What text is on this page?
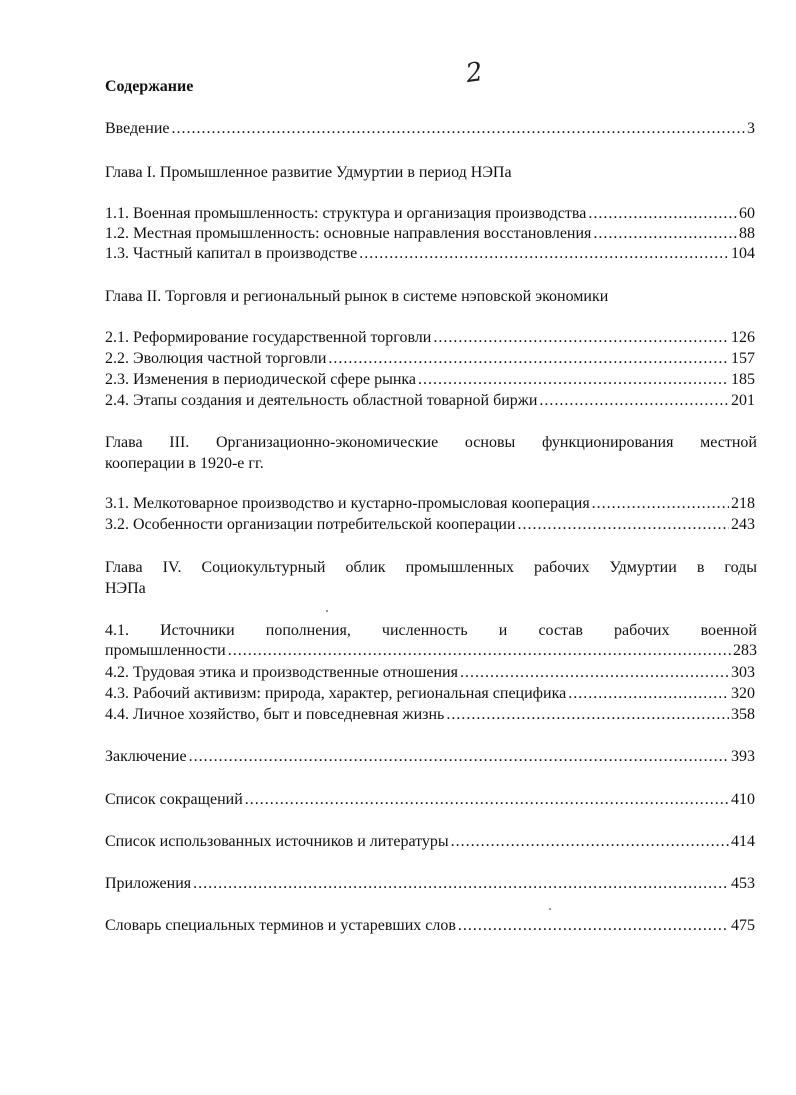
2
Содержание
Введение .....	3
Глава I. Промышленное развитие Удмуртии в период НЭПа
1.1. Военная промышленность: структура и организация производства .....	60
1.2. Местная промышленность: основные направления восстановления .....	88
1.3. Частный капитал в производстве .....	104
Глава II. Торговля и региональный рынок в системе нэповской экономики
2.1. Реформирование государственной торговли .....	126
2.2. Эволюция частной торговли .....	157
2.3. Изменения в периодической сфере рынка .....	185
2.4. Этапы создания и деятельность областной товарной биржи .....	201
Глава III. Организационно-экономические основы функционирования местной
кооперации в 1920-е гг.
3.1. Мелкотоварное производство и кустарно-промысловая кооперация .....	218
3.2. Особенности организации потребительской кооперации .....	243
Глава IV. Социокультурный облик промышленных рабочих Удмуртии в годы
НЭПа
4.1. Источники пополнения, численность и состав рабочих военной
промышленности .....	283
4.2. Трудовая этика и производственные отношения .....	303
4.3. Рабочий активизм: природа, характер, региональная специфика .....	320
4.4. Личное хозяйство, быт и повседневная жизнь .....	358
Заключение .....	393
Список сокращений .....	410
Список использованных источников и литературы .....	414
Приложения .....	453
Словарь специальных терминов и устаревших слов .....	475
